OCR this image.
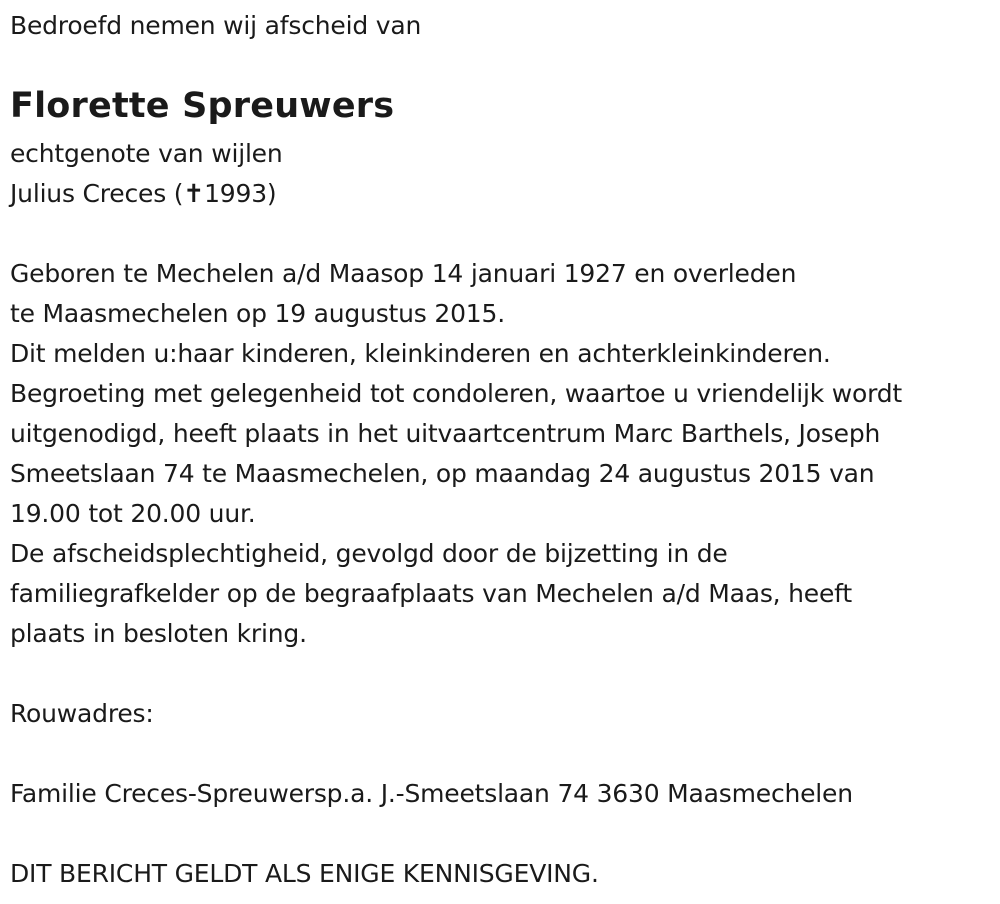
Bedroefd nemen wij afscheid van
Florette Spreuwers
echtgenote van wijlen
Julius Creces (✝1993)
Geboren te Mechelen a/d Maasop 14 januari 1927 en overleden
te Maasmechelen op 19 augustus 2015.
Dit melden u:haar kinderen, kleinkinderen en achterkleinkinderen.
Begroeting met gelegenheid tot condoleren, waartoe u vriendelijk wordt
uitgenodigd, heeft plaats in het uitvaartcentrum Marc Barthels, Joseph
Smeetslaan 74 te Maasmechelen, op maandag 24 augustus 2015 van
19.00 tot 20.00 uur.
De afscheidsplechtigheid, gevolgd door de bijzetting in de
familiegrafkelder op de begraafplaats van Mechelen a/d Maas, heeft
plaats in besloten kring.
Rouwadres:
Familie Creces-Spreuwersp.a. J.-Smeetslaan 74 3630 Maasmechelen
DIT BERICHT GELDT ALS ENIGE KENNISGEVING.
